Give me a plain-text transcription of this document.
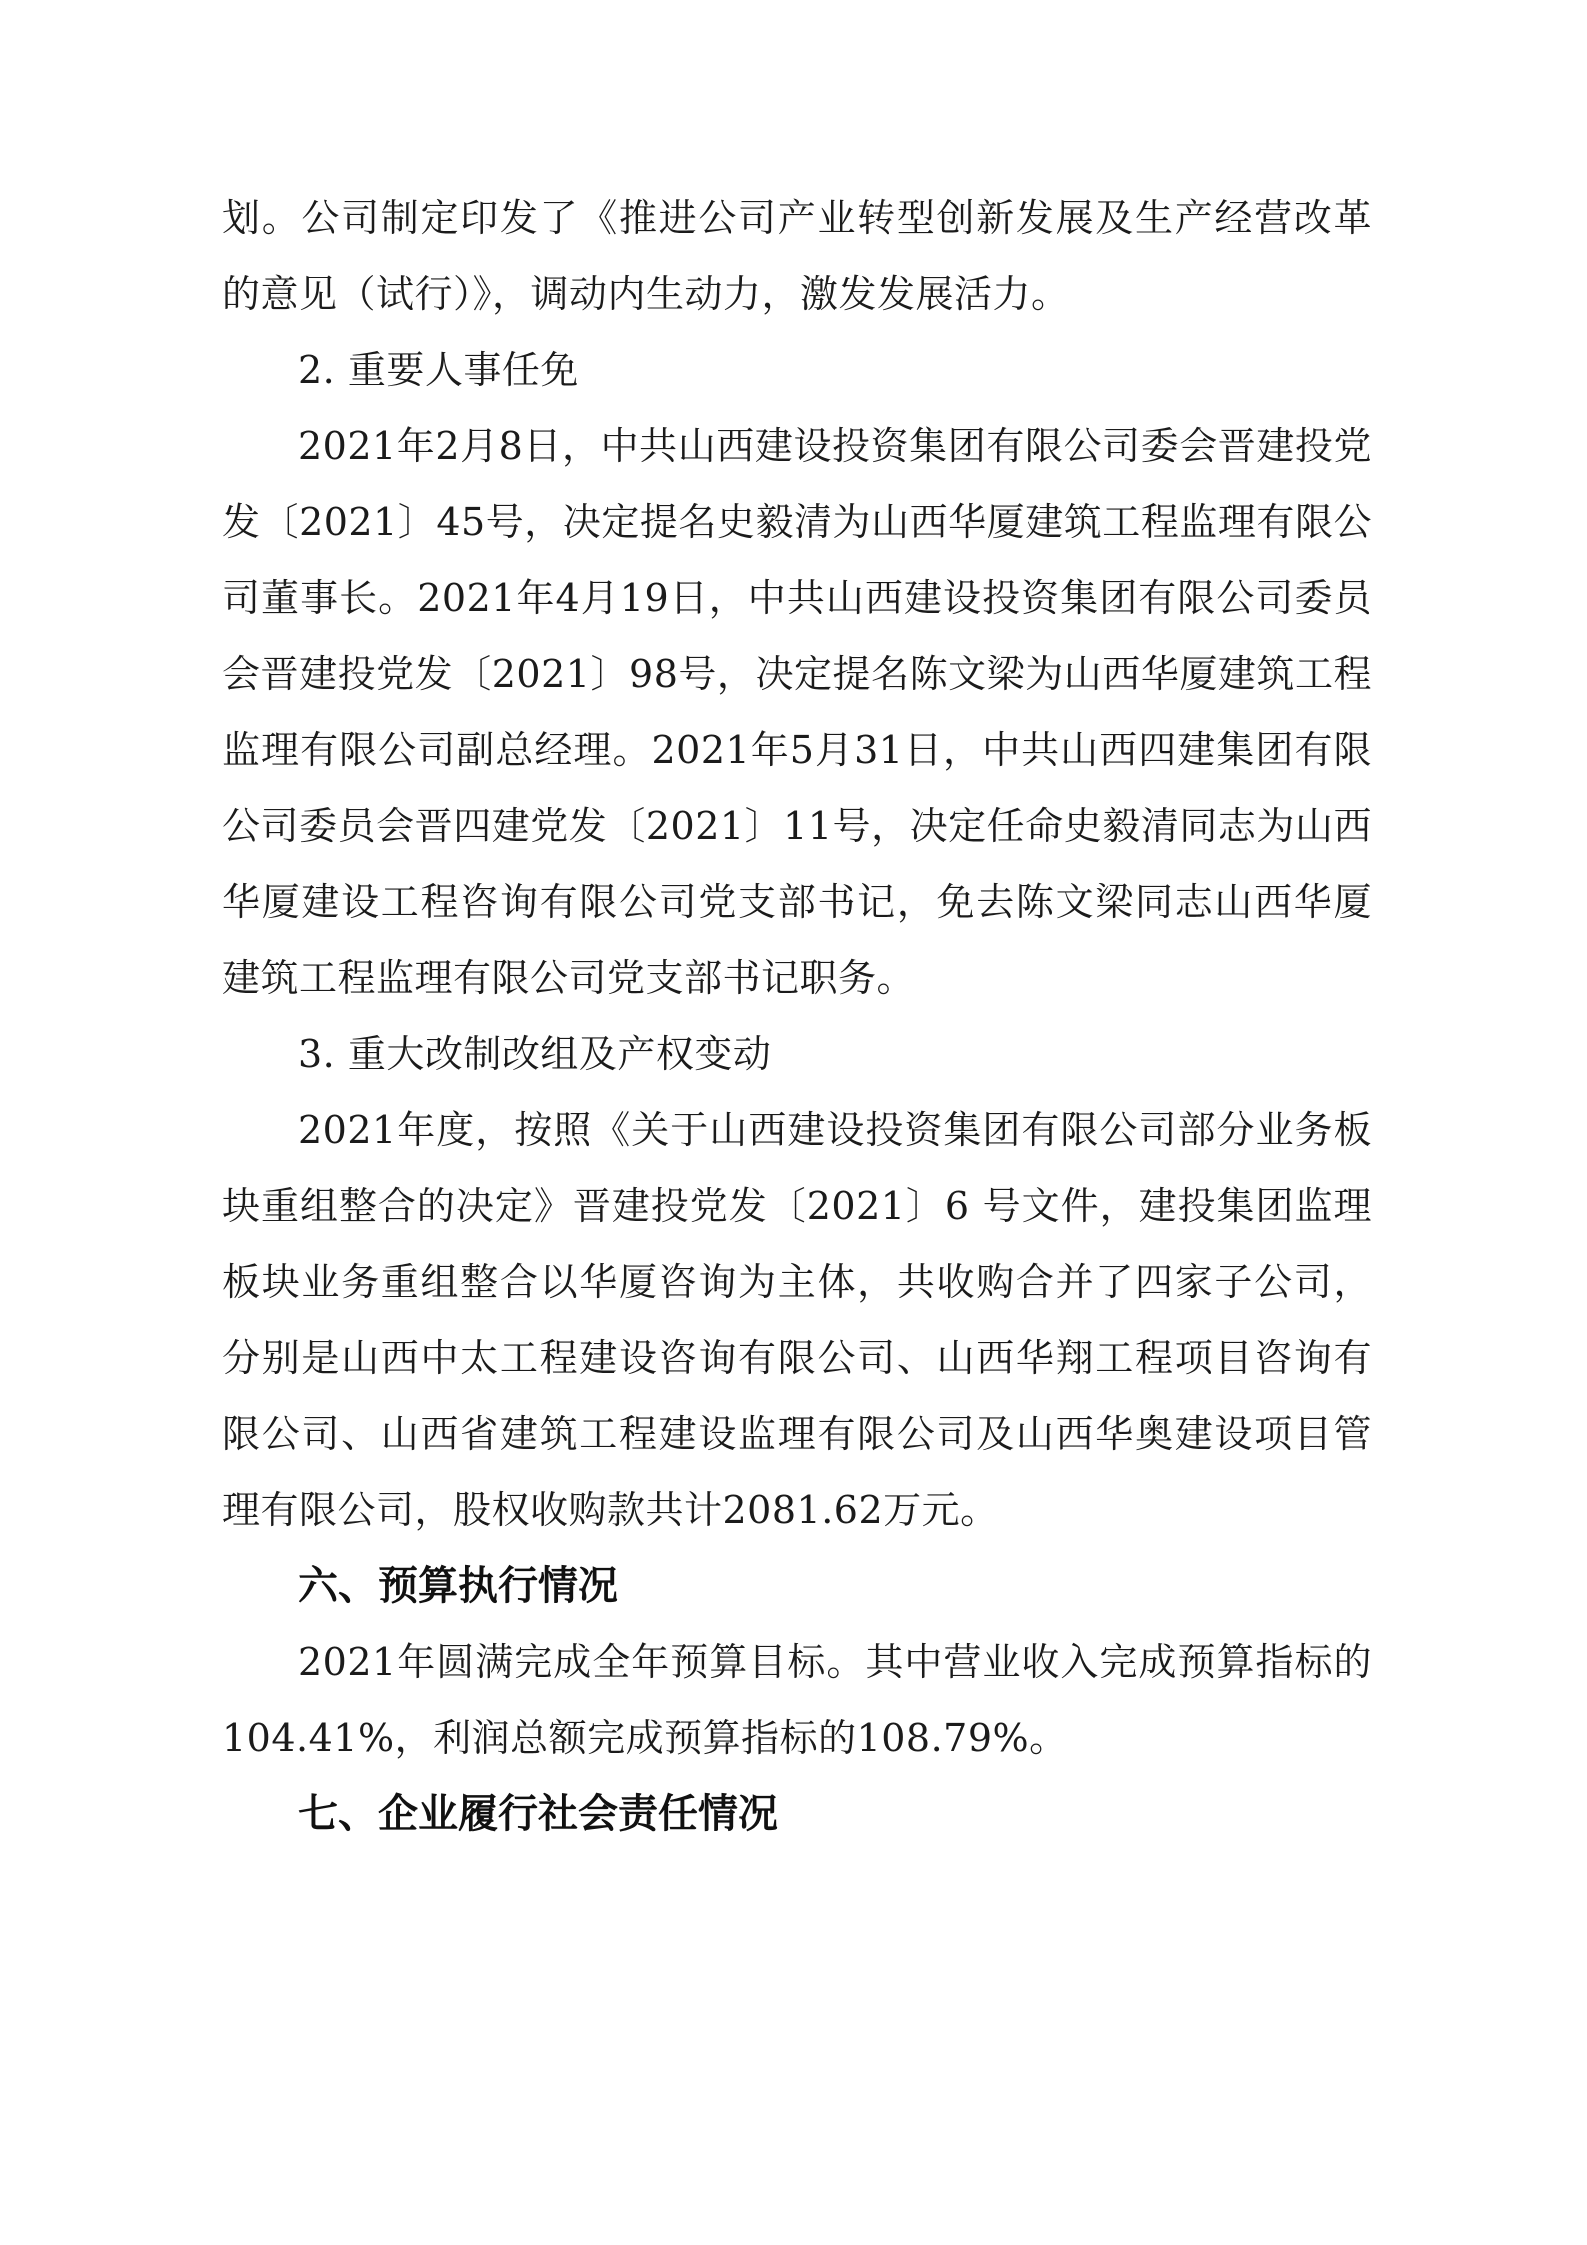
划。公司制定印发了《推进公司产业转型创新发展及生产经营改革的意见（试行）》，调动内生动力，激发发展活力。

2. 重要人事任免

2021年2月8日，中共山西建设投资集团有限公司委会晋建投党发〔2021〕45号，决定提名史毅清为山西华厦建筑工程监理有限公司董事长。2021年4月19日，中共山西建设投资集团有限公司委员会晋建投党发〔2021〕98号，决定提名陈文梁为山西华厦建筑工程监理有限公司副总经理。2021年5月31日，中共山西四建集团有限公司委员会晋四建党发〔2021〕11号，决定任命史毅清同志为山西华厦建设工程咨询有限公司党支部书记，免去陈文梁同志山西华厦建筑工程监理有限公司党支部书记职务。

3. 重大改制改组及产权变动

2021年度，按照《关于山西建设投资集团有限公司部分业务板块重组整合的决定》晋建投党发〔2021〕6 号文件，建投集团监理板块业务重组整合以华厦咨询为主体，共收购合并了四家子公司，分别是山西中太工程建设咨询有限公司、山西华翔工程项目咨询有限公司、山西省建筑工程建设监理有限公司及山西华奥建设项目管理有限公司，股权收购款共计2081.62万元。

六、预算执行情况

2021年圆满完成全年预算目标。其中营业收入完成预算指标的104.41%，利润总额完成预算指标的108.79%。

七、企业履行社会责任情况
